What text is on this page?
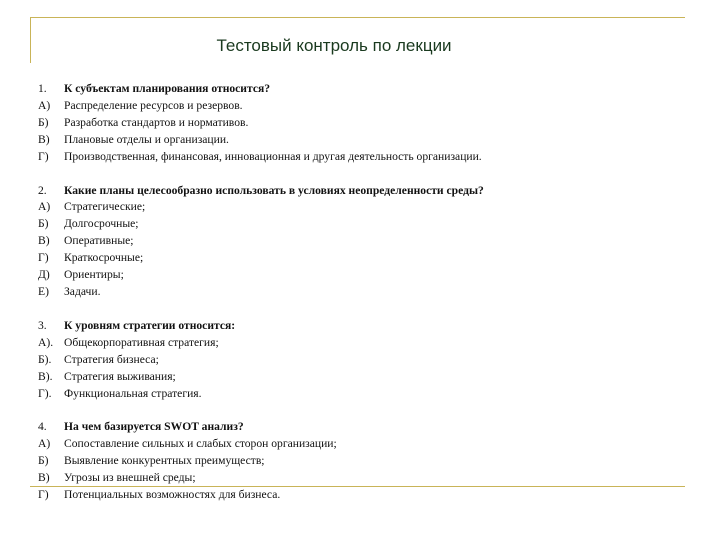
Тестовый контроль по лекции
1.	К субъектам планирования относится?
А)	Распределение ресурсов и резервов.
Б)	Разработка стандартов и нормативов.
В)	Плановые отделы и организации.
Г)	Производственная, финансовая, инновационная и другая деятельность организации.
2.	Какие планы целесообразно использовать в условиях неопределенности среды?
А)	Стратегические;
Б)	Долгосрочные;
В)	Оперативные;
Г)	Краткосрочные;
Д)	Ориентиры;
Е)	Задачи.
3.	К уровням стратегии относится:
А). Общекорпоративная стратегия;
Б).	Стратегия бизнеса;
В). Стратегия выживания;
Г).	Функциональная стратегия.
4.	На чем базируется SWOT анализ?
А)	Сопоставление сильных и слабых сторон организации;
Б)	Выявление конкурентных преимуществ;
В)	Угрозы из внешней среды;
Г)	Потенциальных возможностях для бизнеса.
